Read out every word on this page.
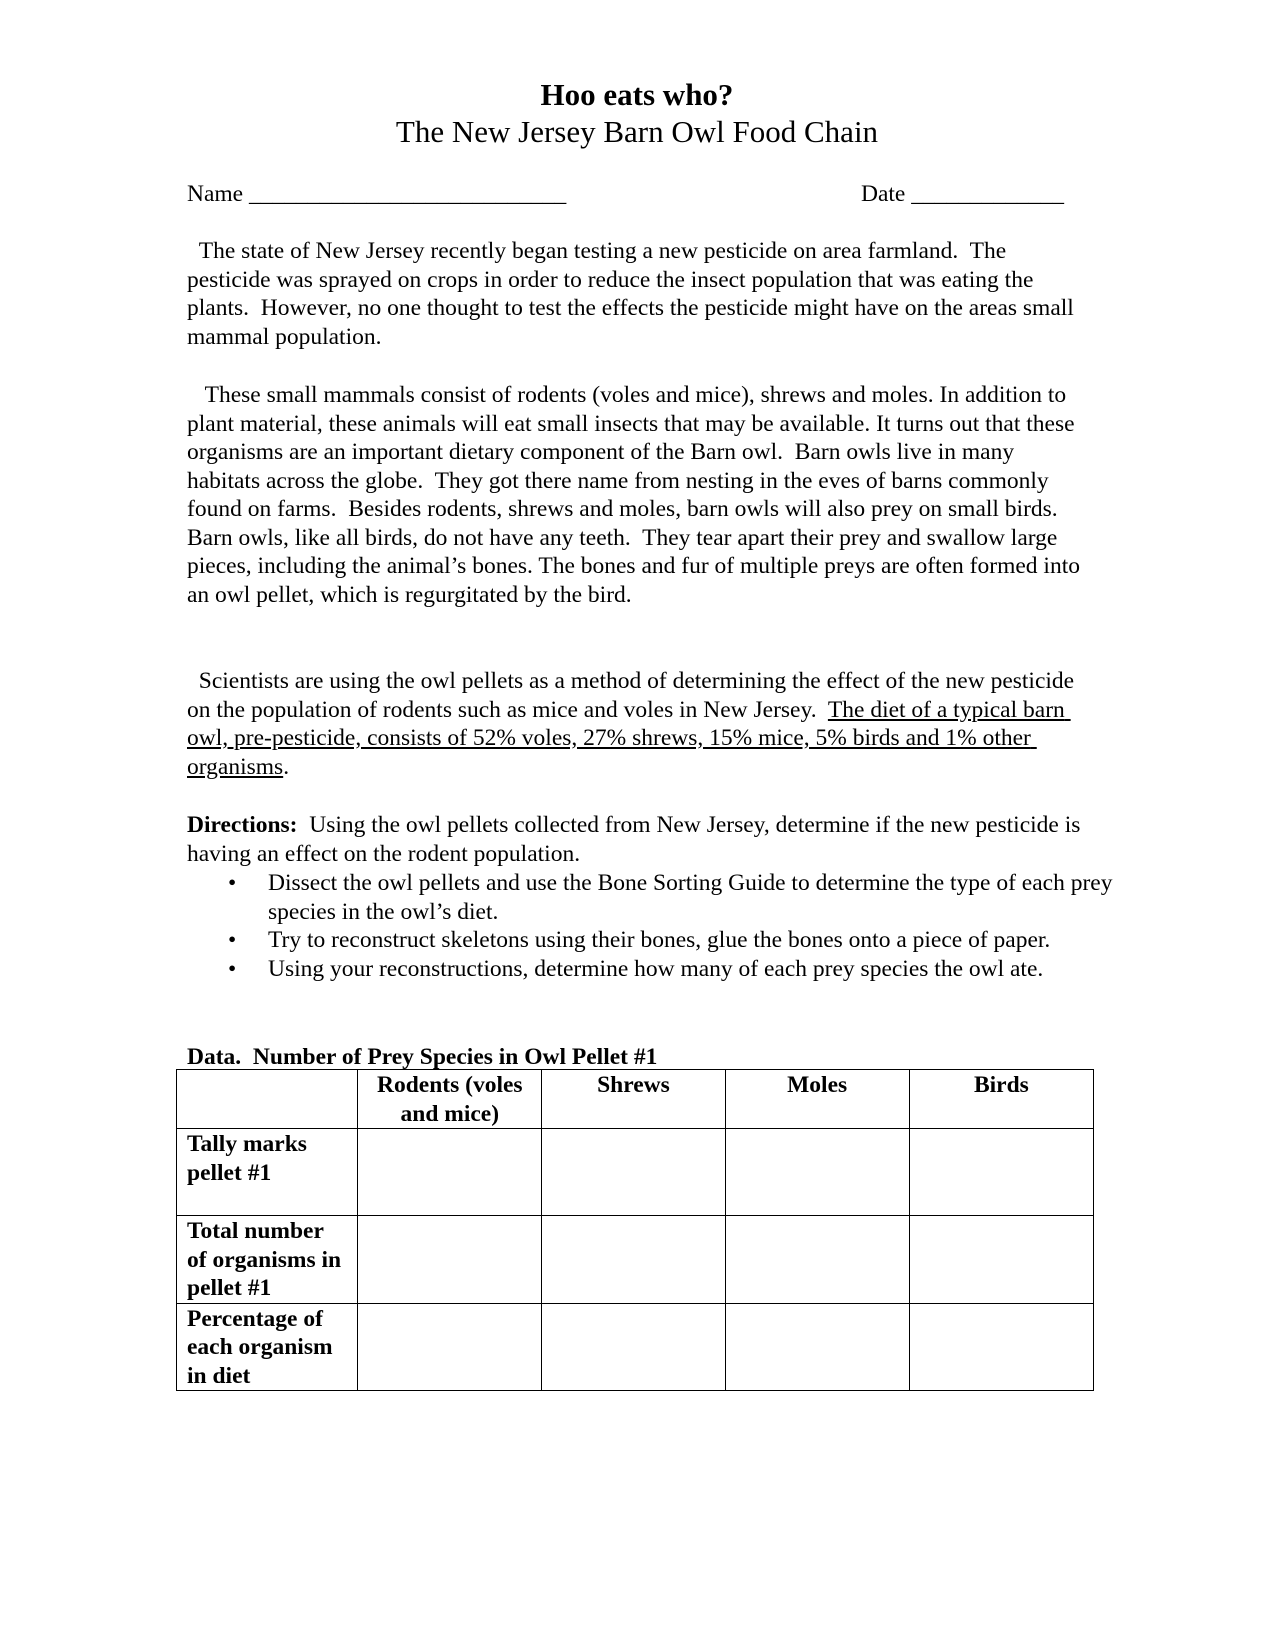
Hoo eats who?
The New Jersey Barn Owl Food Chain
Name ___________________________	Date _____________

The state of New Jersey recently began testing a new pesticide on area farmland.  The pesticide was sprayed on crops in order to reduce the insect population that was eating the plants.  However, no one thought to test the effects the pesticide might have on the areas small mammal population.

These small mammals consist of rodents (voles and mice), shrews and moles. In addition to plant material, these animals will eat small insects that may be available. It turns out that these organisms are an important dietary component of the Barn owl.  Barn owls live in many habitats across the globe.  They got there name from nesting in the eves of barns commonly found on farms.  Besides rodents, shrews and moles, barn owls will also prey on small birds. Barn owls, like all birds, do not have any teeth.  They tear apart their prey and swallow large pieces, including the animal’s bones. The bones and fur of multiple preys are often formed into an owl pellet, which is regurgitated by the bird.

Scientists are using the owl pellets as a method of determining the effect of the new pesticide on the population of rodents such as mice and voles in New Jersey.  The diet of a typical barn owl, pre-pesticide, consists of 52% voles, 27% shrews, 15% mice, 5% birds and 1% other organisms.

Directions:  Using the owl pellets collected from New Jersey, determine if the new pesticide is having an effect on the rodent population.

• Dissect the owl pellets and use the Bone Sorting Guide to determine the type of each prey species in the owl’s diet.
• Try to reconstruct skeletons using their bones, glue the bones onto a piece of paper.
• Using your reconstructions, determine how many of each prey species the owl ate.
Data.  Number of Prey Species in Owl Pellet #1
	Rodents (voles and mice)	Shrews	Moles	Birds
Tally marks pellet #1				
Total number of organisms in pellet #1				
Percentage of each organism in diet				
